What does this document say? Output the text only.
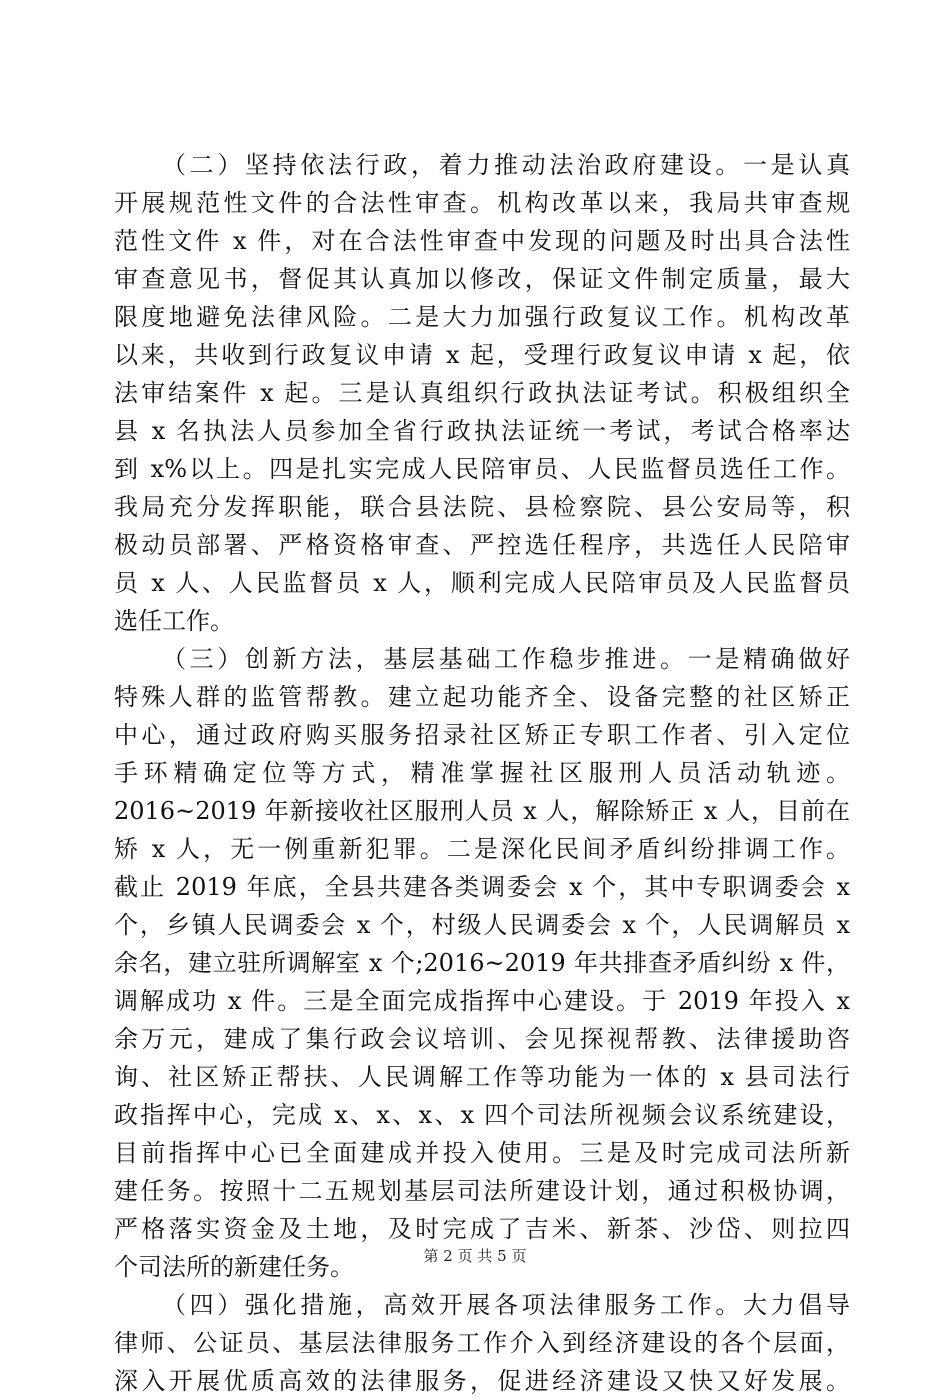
（二）坚持依法行政，着力推动法治政府建设。一是认真
开展规范性文件的合法性审查。机构改革以来，我局共审查规
范性文件 x 件，对在合法性审查中发现的问题及时出具合法性
审查意见书，督促其认真加以修改，保证文件制定质量，最大
限度地避免法律风险。二是大力加强行政复议工作。机构改革
以来，共收到行政复议申请 x 起，受理行政复议申请 x 起，依
法审结案件 x 起。三是认真组织行政执法证考试。积极组织全
县 x 名执法人员参加全省行政执法证统一考试，考试合格率达
到 x%以上。四是扎实完成人民陪审员、人民监督员选任工作。
我局充分发挥职能，联合县法院、县检察院、县公安局等，积
极动员部署、严格资格审查、严控选任程序，共选任人民陪审
员 x 人、人民监督员 x 人，顺利完成人民陪审员及人民监督员
选任工作。
（三）创新方法，基层基础工作稳步推进。一是精确做好
特殊人群的监管帮教。建立起功能齐全、设备完整的社区矫正
中心，通过政府购买服务招录社区矫正专职工作者、引入定位
手环精确定位等方式，精准掌握社区服刑人员活动轨迹。
2016~2019 年新接收社区服刑人员 x 人，解除矫正 x 人，目前在
矫 x 人，无一例重新犯罪。二是深化民间矛盾纠纷排调工作。
截止 2019 年底，全县共建各类调委会 x 个，其中专职调委会 x
个，乡镇人民调委会 x 个，村级人民调委会 x 个，人民调解员 x
余名，建立驻所调解室 x 个;2016~2019 年共排查矛盾纠纷 x 件，
调解成功 x 件。三是全面完成指挥中心建设。于 2019 年投入 x
余万元，建成了集行政会议培训、会见探视帮教、法律援助咨
询、社区矫正帮扶、人民调解工作等功能为一体的 x 县司法行
政指挥中心，完成 x、x、x、x 四个司法所视频会议系统建设，
目前指挥中心已全面建成并投入使用。三是及时完成司法所新
建任务。按照十二五规划基层司法所建设计划，通过积极协调，
严格落实资金及土地，及时完成了吉米、新茶、沙岱、则拉四
个司法所的新建任务。
（四）强化措施，高效开展各项法律服务工作。大力倡导
律师、公证员、基层法律服务工作介入到经济建设的各个层面，
深入开展优质高效的法律服务，促进经济建设又快又好发展。
第 2 页 共 5 页
